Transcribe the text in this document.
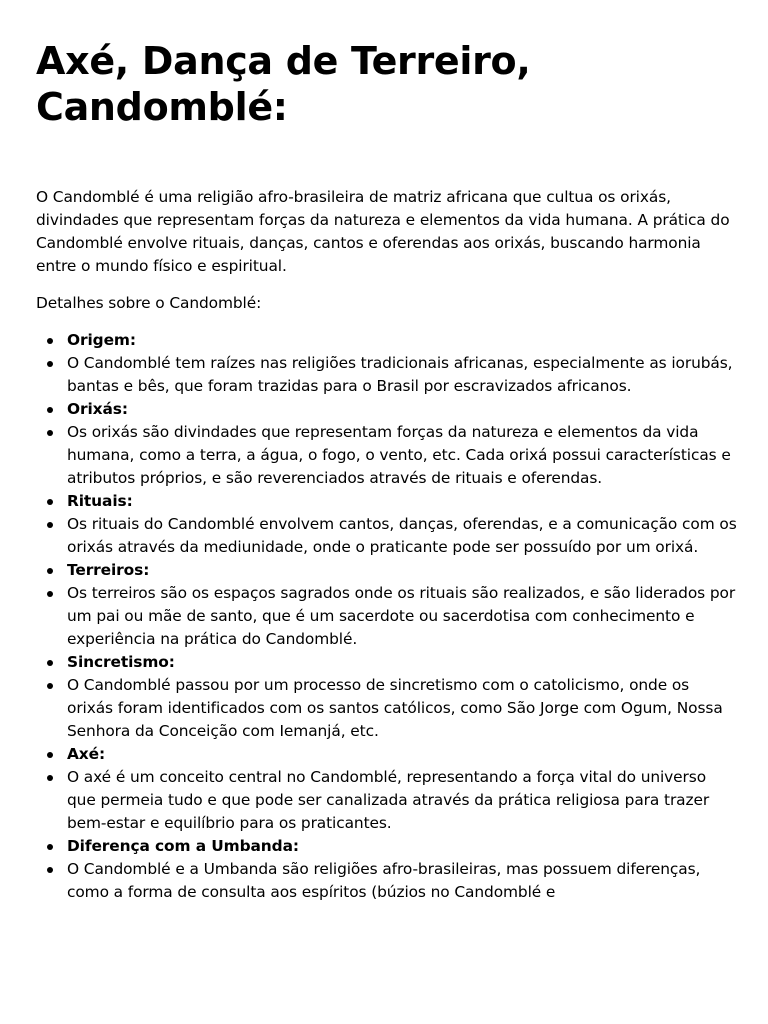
Axé, Dança de Terreiro, Candomblé:

O Candomblé é uma religião afro-brasileira de matriz africana que cultua os orixás, divindades que representam forças da natureza e elementos da vida humana. A prática do Candomblé envolve rituais, danças, cantos e oferendas aos orixás, buscando harmonia entre o mundo físico e espiritual.

Detalhes sobre o Candomblé:

Origem:
O Candomblé tem raízes nas religiões tradicionais africanas, especialmente as iorubás, bantas e bês, que foram trazidas para o Brasil por escravizados africanos.
Orixás:
Os orixás são divindades que representam forças da natureza e elementos da vida humana, como a terra, a água, o fogo, o vento, etc. Cada orixá possui características e atributos próprios, e são reverenciados através de rituais e oferendas.
Rituais:
Os rituais do Candomblé envolvem cantos, danças, oferendas, e a comunicação com os orixás através da mediunidade, onde o praticante pode ser possuído por um orixá.
Terreiros:
Os terreiros são os espaços sagrados onde os rituais são realizados, e são liderados por um pai ou mãe de santo, que é um sacerdote ou sacerdotisa com conhecimento e experiência na prática do Candomblé.
Sincretismo:
O Candomblé passou por um processo de sincretismo com o catolicismo, onde os orixás foram identificados com os santos católicos, como São Jorge com Ogum, Nossa Senhora da Conceição com Iemanjá, etc.
Axé:
O axé é um conceito central no Candomblé, representando a força vital do universo que permeia tudo e que pode ser canalizada através da prática religiosa para trazer bem-estar e equilíbrio para os praticantes.
Diferença com a Umbanda:
O Candomblé e a Umbanda são religiões afro-brasileiras, mas possuem diferenças, como a forma de consulta aos espíritos (búzios no Candomblé e
